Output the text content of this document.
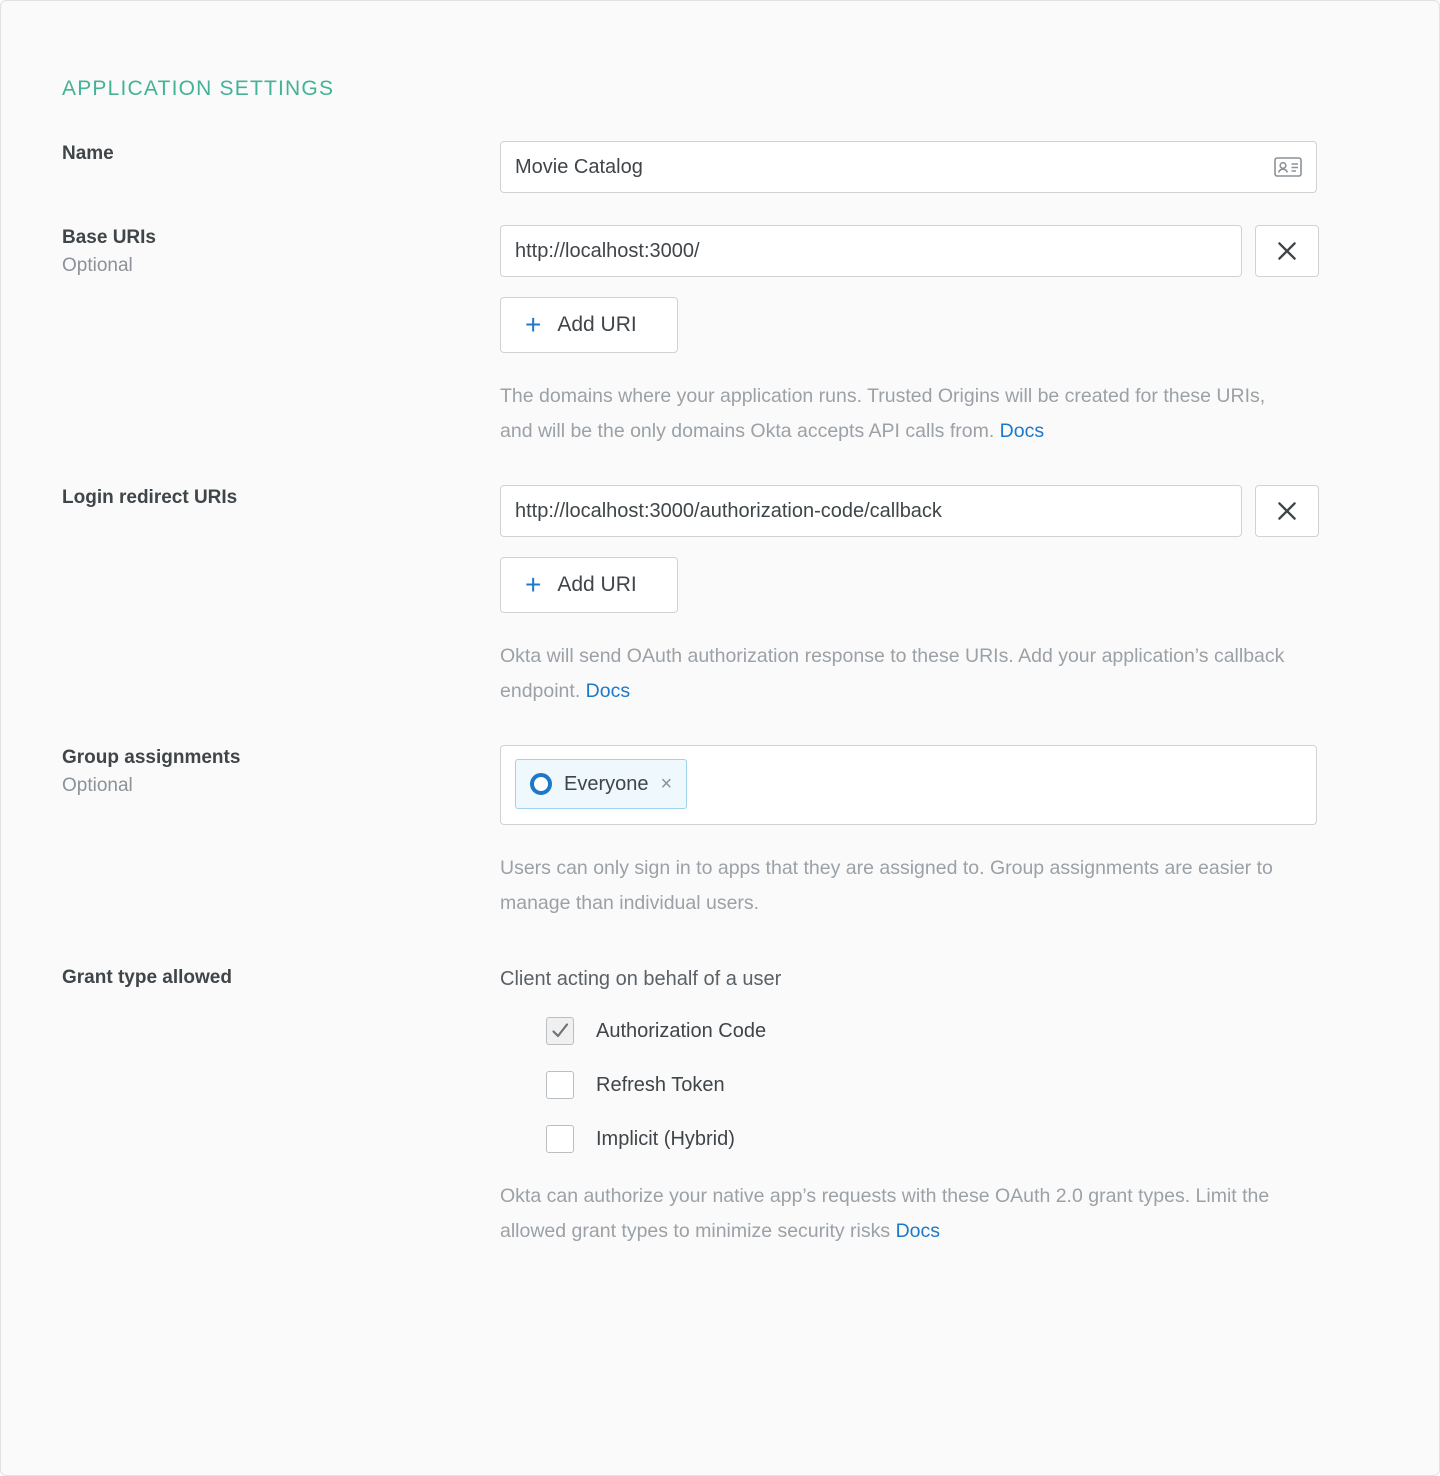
APPLICATION SETTINGS
Name
Movie Catalog
Base URIs
Optional
http://localhost:3000/
+ Add URI
The domains where your application runs. Trusted Origins will be created for these URIs, and will be the only domains Okta accepts API calls from. Docs
Login redirect URIs
http://localhost:3000/authorization-code/callback
+ Add URI
Okta will send OAuth authorization response to these URIs. Add your application’s callback endpoint. Docs
Group assignments
Optional	Everyone ×
Users can only sign in to apps that they are assigned to. Group assignments are easier to manage than individual users.
Grant type allowed	Client acting on behalf of a user
Authorization Code
Refresh Token
Implicit (Hybrid)
Okta can authorize your native app’s requests with these OAuth 2.0 grant types. Limit the allowed grant types to minimize security risks Docs
